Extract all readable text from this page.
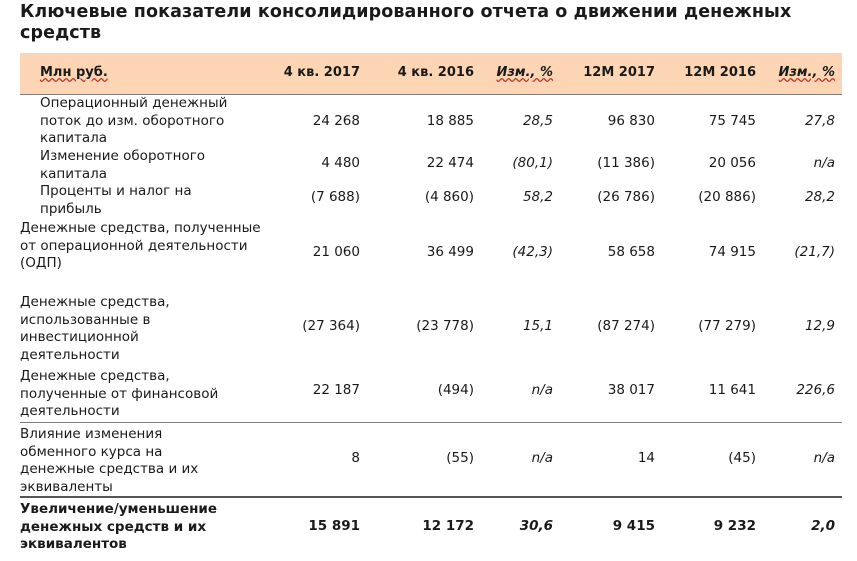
Ключевые показатели консолидированного отчета о движении денежных средств
Млн руб.	4 кв. 2017	4 кв. 2016	Изм., %	12М 2017	12М 2016	Изм., %
Операционный денежный поток до изм. оборотного капитала
24 268	18 885	28,5	96 830	75 745	27,8
Изменение оборотного капитала
4 480	22 474	(80,1)	(11 386)	20 056	n/a
Проценты и налог на прибыль
(7 688)	(4 860)	58,2	(26 786)	(20 886)	28,2
Денежные средства, полученные от операционной деятельности (ОДП)
21 060	36 499	(42,3)	58 658	74 915	(21,7)
Денежные средства, использованные в инвестиционной деятельности
(27 364)	(23 778)	15,1	(87 274)	(77 279)	12,9
Денежные средства, полученные от финансовой деятельности
22 187	(494)	n/a	38 017	11 641	226,6
Влияние изменения обменного курса на денежные средства и их эквиваленты
8	(55)	n/a	14	(45)	n/a
Увеличение/уменьшение денежных средств и их эквивалентов
15 891	12 172	30,6	9 415	9 232	2,0
